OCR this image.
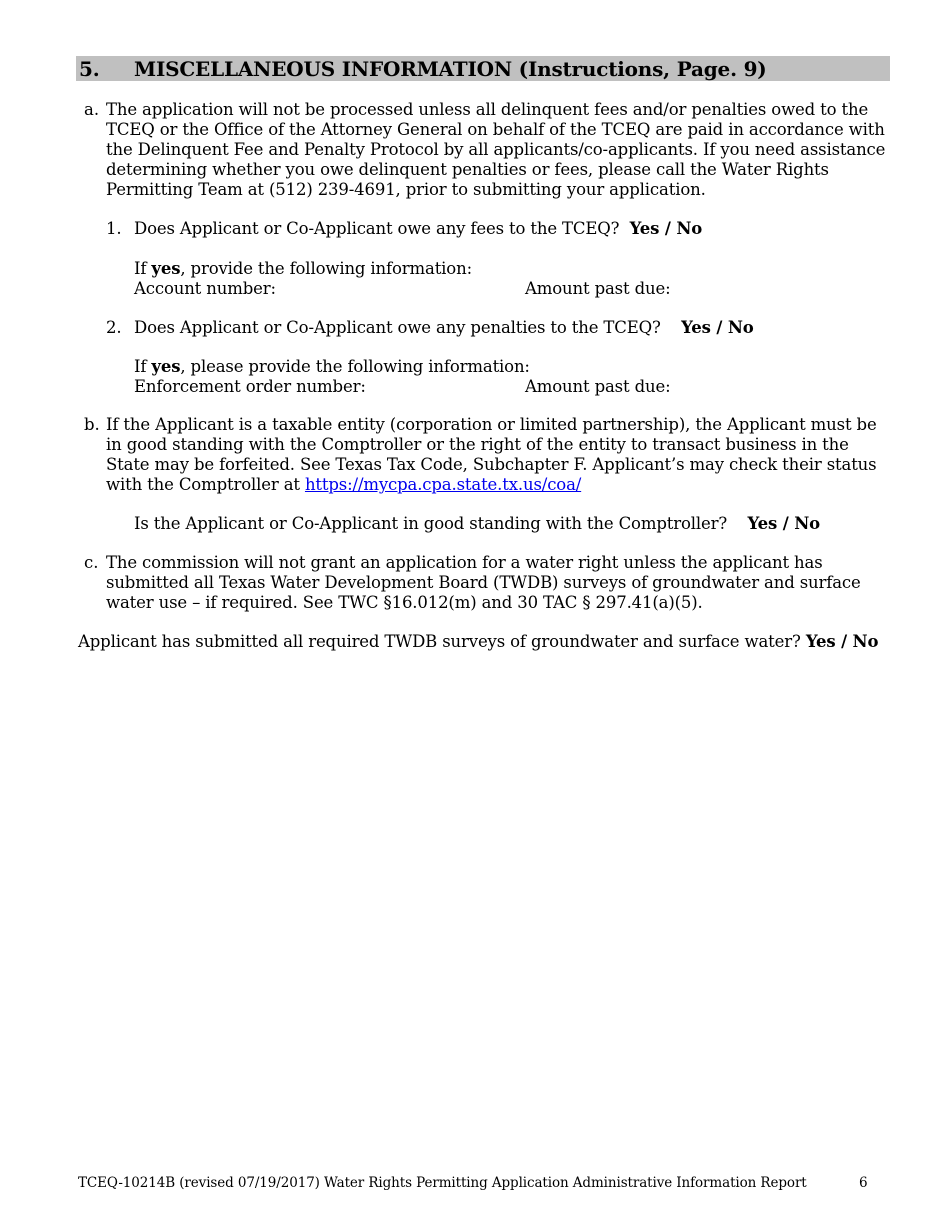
5. MISCELLANEOUS INFORMATION (Instructions, Page. 9)
a. The application will not be processed unless all delinquent fees and/or penalties owed to the TCEQ or the Office of the Attorney General on behalf of the TCEQ are paid in accordance with the Delinquent Fee and Penalty Protocol by all applicants/co-applicants. If you need assistance determining whether you owe delinquent penalties or fees, please call the Water Rights Permitting Team at (512) 239-4691, prior to submitting your application.
1. Does Applicant or Co-Applicant owe any fees to the TCEQ? Yes / No
If yes, provide the following information:
Account number:	Amount past due:
2. Does Applicant or Co-Applicant owe any penalties to the TCEQ? Yes / No
If yes, please provide the following information:
Enforcement order number:	Amount past due:
b. If the Applicant is a taxable entity (corporation or limited partnership), the Applicant must be in good standing with the Comptroller or the right of the entity to transact business in the State may be forfeited. See Texas Tax Code, Subchapter F. Applicant’s may check their status with the Comptroller at https://mycpa.cpa.state.tx.us/coa/
Is the Applicant or Co-Applicant in good standing with the Comptroller? Yes / No
c. The commission will not grant an application for a water right unless the applicant has submitted all Texas Water Development Board (TWDB) surveys of groundwater and surface water use – if required. See TWC §16.012(m) and 30 TAC § 297.41(a)(5).
Applicant has submitted all required TWDB surveys of groundwater and surface water? Yes / No
TCEQ-10214B (revised 07/19/2017) Water Rights Permitting Application Administrative Information Report	6
